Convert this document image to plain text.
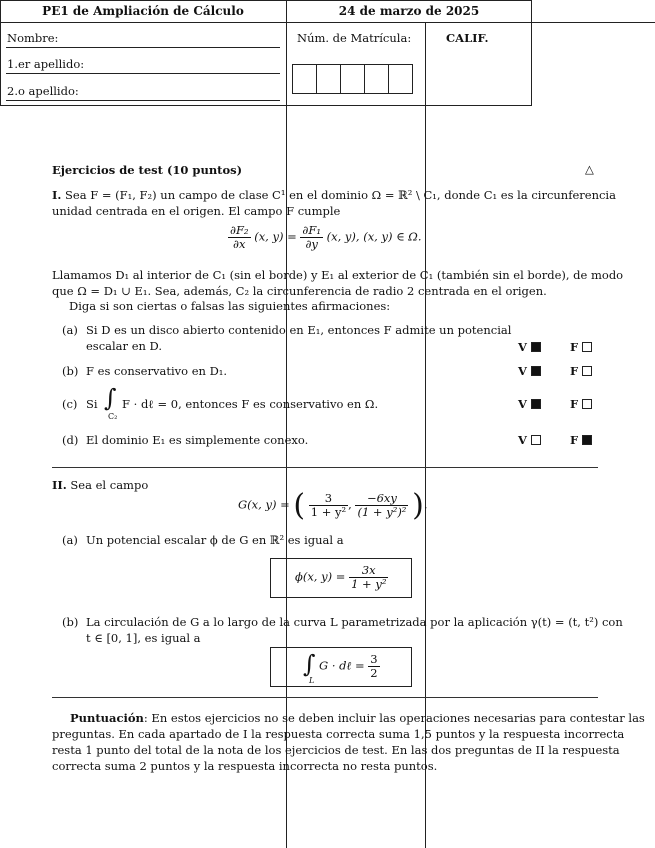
PE1 de Ampliación de Cálculo	24 de marzo de 2025
Nombre:
1.er apellido:
2.o apellido:
Núm. de Matrícula:	CALIF.
Ejercicios de test (10 puntos)	△
I. Sea F = (F₁, F₂) un campo de clase C¹ en el dominio Ω = ℝ² \ C₁, donde C₁ es la circunferencia
unidad centrada en el origen. El campo F cumple
$\frac{\text{∂F₂}}{\partial x} (x$, $y) = \frac{\text{∂F₁}}{\partial y} (x$, y), (x, y) ∈ Ω.
Llamamos D₁ al interior de C₁ (sin el borde) y E₁ al exterior de C₁ (también sin el borde), de modo
que Ω = D₁ ∪ E₁. Sea, además, C₂ la circunferencia de radio 2 centrada en el origen.
Diga si son ciertas o falsas las siguientes afirmaciones:
(a) Si D es un disco abierto contenido en E₁, entonces F admite un potencial
escalar en D.	V	F
(b) F es conservativo en D₁.	V	F
(c) Si ∫
C₂
F · dℓ = 0, entonces F es conservativo en Ω.	V	F
(d) El dominio E₁ es simplemente conexo.	V	F
II. Sea el campo
G(x, y) = ( $\frac{3}{\text{1 + y²}}$ , $\frac{-6xy}{\text{(1 + y²)²}}$ ).
(a) Un potencial escalar ϕ de G en ℝ² es igual a
ϕ(x, $y) = \frac{3x}{\text{1 + y²}}$
(b) La circulación de G a lo largo de la curva L parametrizada por la aplicación γ(t) = (t, t²) con
t ∈ [0, 1], es igual a
∫
L
G · dℓ = $\frac{3}{2}$
Puntuación: En estos ejercicios no se deben incluir las operaciones necesarias para contestar las
preguntas. En cada apartado de I la respuesta correcta suma 1,5 puntos y la respuesta incorrecta
resta 1 punto del total de la nota de los ejercicios de test. En las dos preguntas de II la respuesta
correcta suma 2 puntos y la respuesta incorrecta no resta puntos.
